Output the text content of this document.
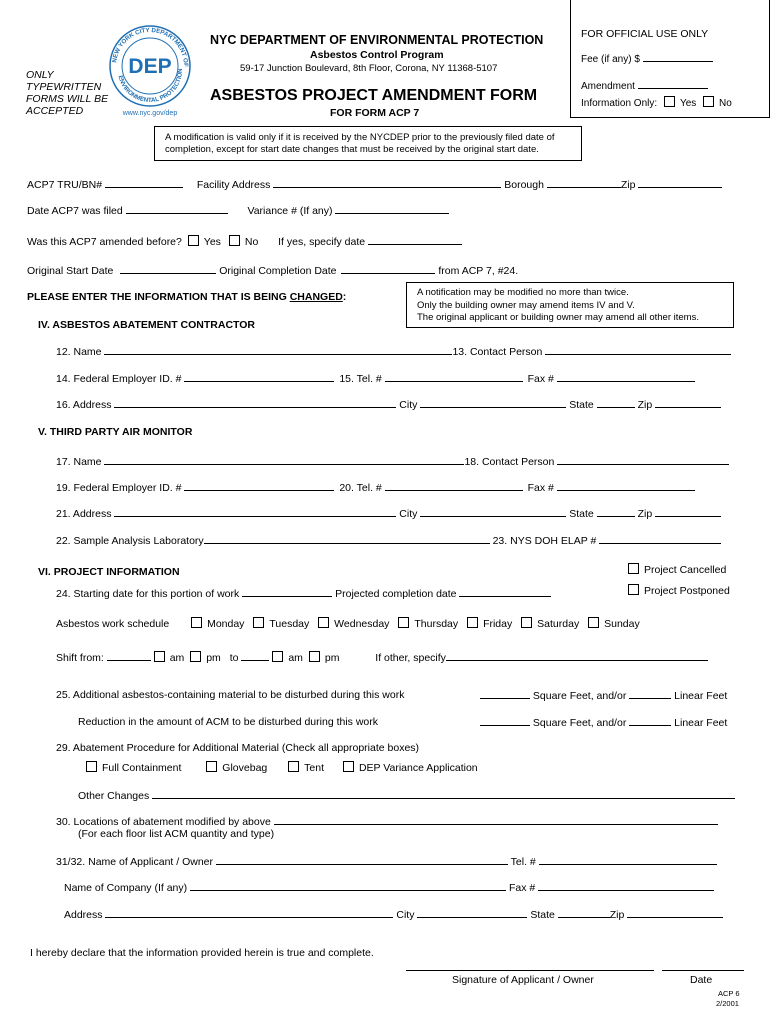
NEW YORK CITY DEPARTMENT OF
ENVIRONMENTAL PROTECTION
DEP
www.nyc.gov/dep
ONLY TYPEWRITTEN FORMS WILL BE ACCEPTED
NYC DEPARTMENT OF ENVIRONMENTAL PROTECTION
Asbestos Control Program
59-17 Junction Boulevard, 8th Floor, Corona, NY 11368-5107
ASBESTOS PROJECT AMENDMENT FORM
FOR FORM ACP 7
FOR OFFICIAL USE ONLY
Fee (if any) $
Amendment
Information Only: Yes No
A modification is valid only if it is received by the NYCDEP prior to the previously filed date of completion, except for start date changes that must be received by the original start date.
ACP7 TRU/BN#	Facility Address	Borough	Zip
Date ACP7 was filed	Variance # (If any)
Was this ACP7 amended before? Yes No If yes, specify date
Original Start Date	Original Completion Date	from ACP 7, #24.
PLEASE ENTER THE INFORMATION THAT IS BEING CHANGED:	A notification may be modified no more than twice.
Only the building owner may amend items IV and V.
The original applicant or building owner may amend all other items.
IV. ASBESTOS ABATEMENT CONTRACTOR
12. Name	13. Contact Person
14. Federal Employer ID. #	15. Tel. #	Fax #
16. Address	City	State	Zip
V. THIRD PARTY AIR MONITOR
17. Name	18. Contact Person
19. Federal Employer ID. #	20. Tel. #	Fax #
21. Address	City	State	Zip
22. Sample Analysis Laboratory	23. NYS DOH ELAP #
VI. PROJECT INFORMATION	Project Cancelled
Project Postponed
24. Starting date for this portion of work	Projected completion date
Asbestos work schedule	Monday Tuesday Wednesday Thursday Friday Saturday Sunday
Shift from:	am pm to	am pm	If other, specify
25. Additional asbestos-containing material to be disturbed during this work	Square Feet, and/or	Linear Feet
Reduction in the amount of ACM to be disturbed during this work	Square Feet, and/or	Linear Feet
29. Abatement Procedure for Additional Material (Check all appropriate boxes)
Full Containment	Glovebag	Tent	DEP Variance Application
Other Changes
30. Locations of abatement modified by above
(For each floor list ACM quantity and type)
31/32. Name of Applicant / Owner	Tel. #
Name of Company (If any)	Fax #
Address	City	State	Zip
I hereby declare that the information provided herein is true and complete.
Signature of Applicant / Owner	Date
ACP 6
2/2001
